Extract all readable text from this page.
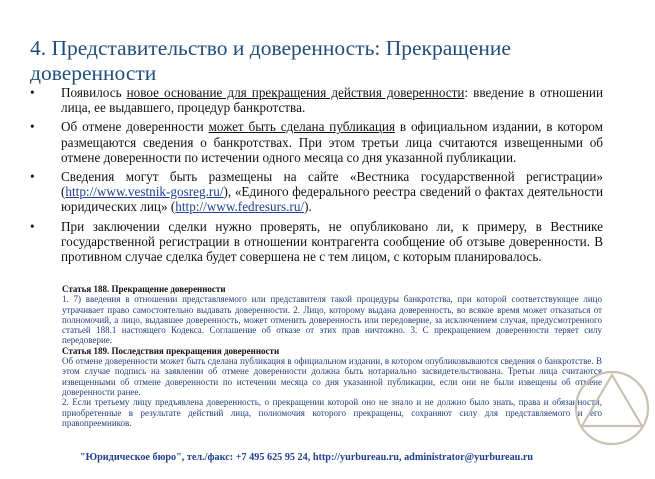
4. Представительство и доверенность: Прекращение доверенности
• Появилось новое основание для прекращения действия доверенности: введение в отношении лица, ее выдавшего, процедур банкротства.
• Об отмене доверенности может быть сделана публикация в официальном издании, в котором размещаются сведения о банкротствах. При этом третьи лица считаются извещенными об отмене доверенности по истечении одного месяца со дня указанной публикации.
• Сведения могут быть размещены на сайте «Вестника государственной регистрации» (http://www.vestnik-gosreg.ru/), «Единого федерального реестра сведений о фактах деятельности юридических лиц» (http://www.fedresurs.ru/).
• При заключении сделки нужно проверять, не опубликовано ли, к примеру, в Вестнике государственной регистрации в отношении контрагента сообщение об отзыве доверенности. В противном случае сделка будет совершена не с тем лицом, с которым планировалось.

Статья 188. Прекращение доверенности

1. 7) введения в отношении представляемого или представителя такой процедуры банкротства, при которой соответствующее лицо утрачивает право самостоятельно выдавать доверенности. 2. Лицо, которому выдана доверенность, во всякое время может отказаться от полномочий, а лицо, выдавшее доверенность, может отменить доверенность или передоверие, за исключением случая, предусмотренного статьей 188.1 настоящего Кодекса. Соглашение об отказе от этих прав ничтожно. 3. С прекращением доверенности теряет силу передоверие.

Статья 189. Последствия прекращения доверенности

Об отмене доверенности может быть сделана публикация в официальном издании, в котором опубликовываются сведения о банкротстве. В этом случае подпись на заявлении об отмене доверенности должна быть нотариально засвидетельствована. Третьи лица считаются извещенными об отмене доверенности по истечении месяца со дня указанной публикации, если они не были извещены об отмене доверенности ранее.

2. Если третьему лицу предъявлена доверенность, о прекращении которой оно не знало и не должно было знать, права и обязанности, приобретенные в результате действий лица, полномочия которого прекращены, сохраняют силу для представляемого и его правопреемников.

"Юридическое бюро", тел./факс: +7 495 625 95 24, http://yurbureau.ru, administrator@yurbureau.ru
